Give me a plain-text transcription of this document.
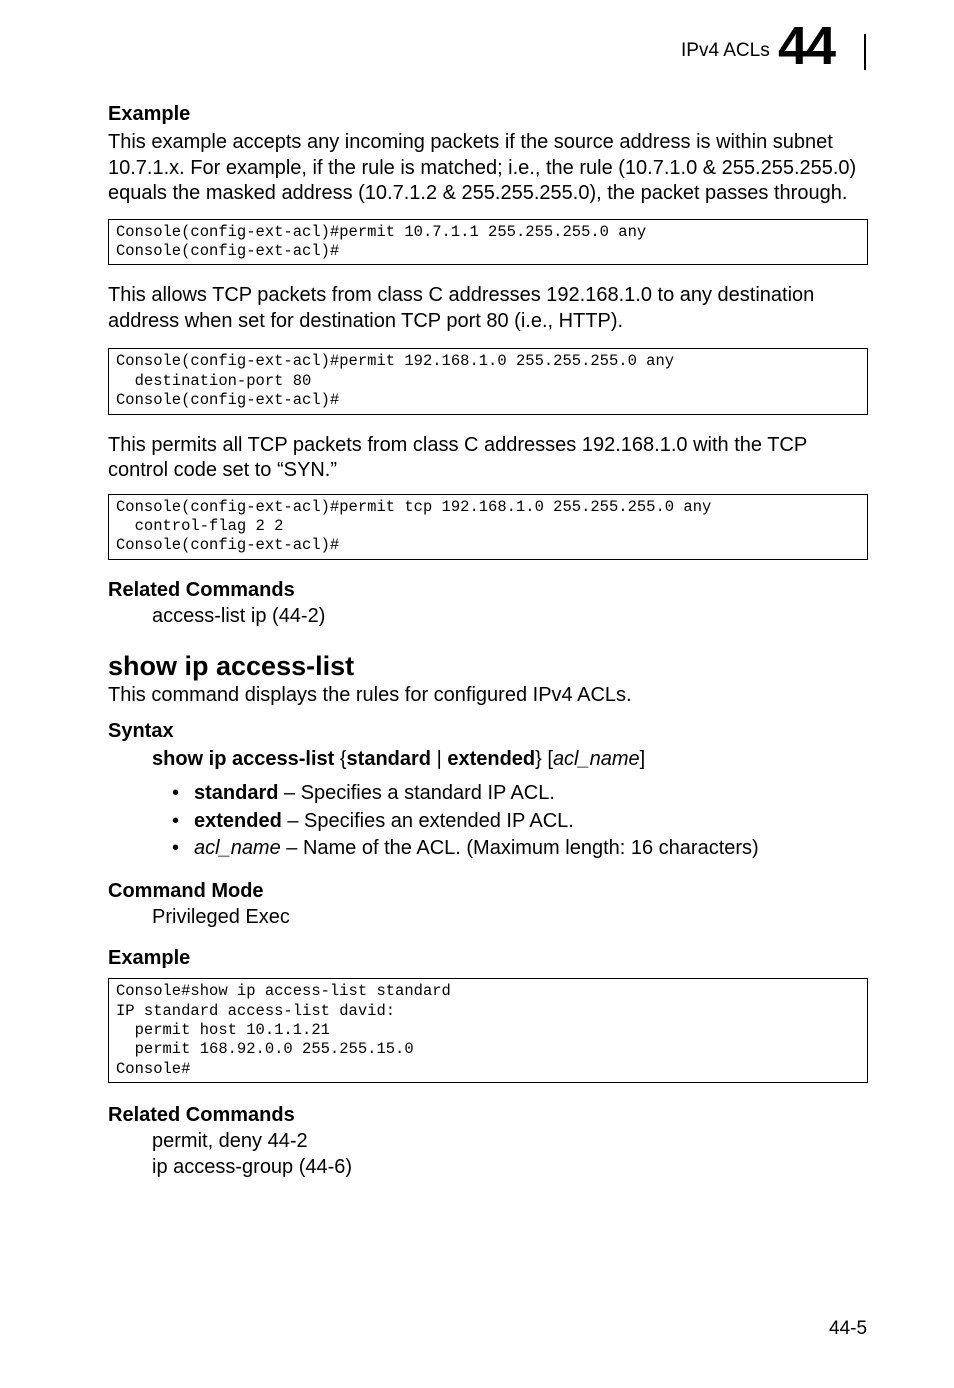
IPv4 ACLs 44
Example

This example accepts any incoming packets if the source address is within subnet 10.7.1.x. For example, if the rule is matched; i.e., the rule (10.7.1.0 & 255.255.255.0) equals the masked address (10.7.1.2 & 255.255.255.0), the packet passes through.

Console(config-ext-acl)#permit 10.7.1.1 255.255.255.0 any
Console(config-ext-acl)#

This allows TCP packets from class C addresses 192.168.1.0 to any destination address when set for destination TCP port 80 (i.e., HTTP).

Console(config-ext-acl)#permit 192.168.1.0 255.255.255.0 any
destination-port 80
Console(config-ext-acl)#

This permits all TCP packets from class C addresses 192.168.1.0 with the TCP control code set to “SYN.”

Console(config-ext-acl)#permit tcp 192.168.1.0 255.255.255.0 any
control-flag 2 2
Console(config-ext-acl)#
Related Commands

access-list ip (44-2)

show ip access-list

This command displays the rules for configured IPv4 ACLs.

Syntax

show ip access-list {standard | extended} [acl_name]

• standard – Specifies a standard IP ACL.
• extended – Specifies an extended IP ACL.
• acl_name – Name of the ACL. (Maximum length: 16 characters)
Command Mode

Privileged Exec

Example
Console#show ip access-list standard
IP standard access-list david:
permit host 10.1.1.21
permit 168.92.0.0 255.255.15.0
Console#
Related Commands

permit, deny 44-2

ip access-group (44-6)

44-5
